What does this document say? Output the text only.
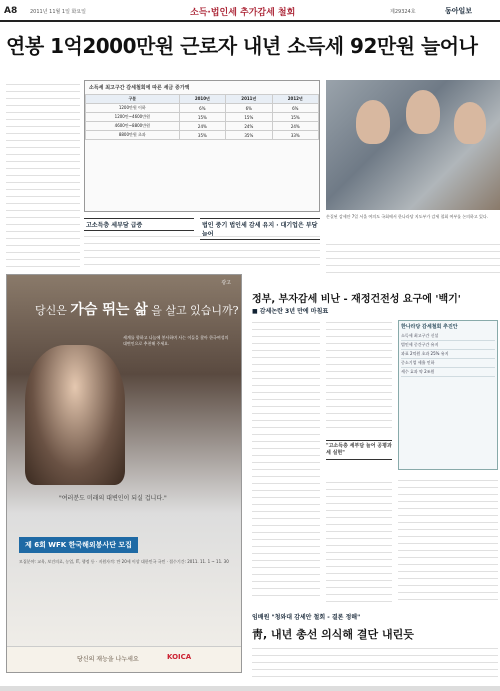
A8	2011년 11월 1일 화요일	소득·법인세 추가감세 철회	제29324호	동아일보
연봉 1억2000만원 근로자 내년 소득세 92만원 늘어나
소득세 최고구간 감세철회에 따른 세금 증가액
구분	2010년	2011년	2012년
1200만원 이하	6%	6%	6%
1200만~4600만원	15%	15%	15%
4600만~8800만원	24%	24%	24%
8800만원 초과	35%	35%	33%
손질된 감세안 7일 서울 여의도 국회에서 한나라당 지도부가 감세 철회 여부를 논의하고 있다.
고소득층 세부담 급증	법인 중기 법인세 감세 유지 · 대기업은 부담 늘어
광고
당신은 가슴 뛰는 삶 을 살고 있습니까?
세계를 향하고 나눔에 봉사하며 사는 이들을 찾아 한국여성의 대변인으로 추천해 주세요.
"여러분도 미래의 대변인이 되실 겁니다."
제 6회 WFK 한국해외봉사단 모집
모집분야: 교육, 보건의료, 농업, IT, 행정 등 · 지원자격: 만 20세 이상 대한민국 국민 · 접수기간: 2011. 11. 1 ~ 11. 30
당신의 재능을 나누세요	KOICA
정부, 부자감세 비난 - 재정건전성 요구에 '백기'
■ 감세논란 3년 만에 마침표
한나라당 감세철회 추진안
소득세 최고구간 신설
법인세 중간구간 유지
과표 2억원 초과 25% 유지
중소기업 세율 인하
세수 효과 약 2조원
"고소득층 세부담 늘어 공평과세 실현"
임배원 "청와대 감세안 철회 - 결론 정해"
靑, 내년 총선 의식해 결단 내린듯
